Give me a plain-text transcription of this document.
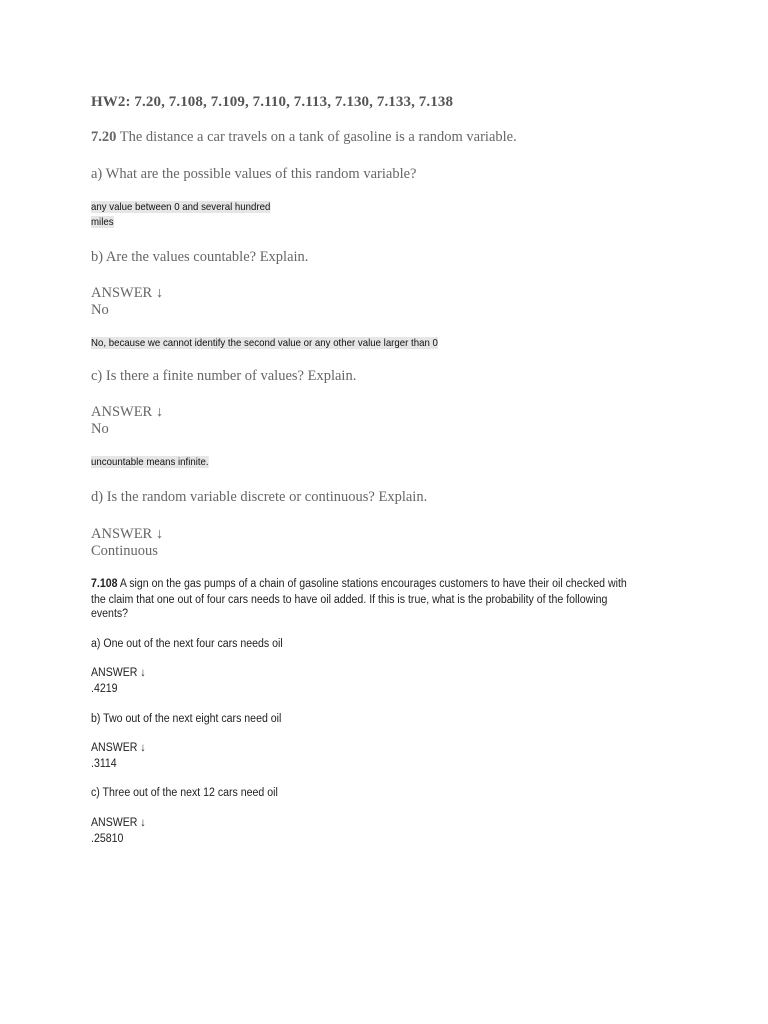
HW2: 7.20, 7.108, 7.109, 7.110, 7.113, 7.130, 7.133, 7.138
7.20 The distance a car travels on a tank of gasoline is a random variable.
a) What are the possible values of this random variable?
any value between 0 and several hundred
miles
b) Are the values countable? Explain.
ANSWER ↓
No
No, because we cannot identify the second value or any other value larger than 0
c) Is there a finite number of values? Explain.
ANSWER ↓
No
uncountable means infinite.
d) Is the random variable discrete or continuous? Explain.
ANSWER ↓
Continuous
7.108 A sign on the gas pumps of a chain of gasoline stations encourages customers to have their oil checked with
the claim that one out of four cars needs to have oil added. If this is true, what is the probability of the following
events?
a) One out of the next four cars needs oil
ANSWER ↓
.4219
b) Two out of the next eight cars need oil
ANSWER ↓
.3114
c) Three out of the next 12 cars need oil
ANSWER ↓
.25810
